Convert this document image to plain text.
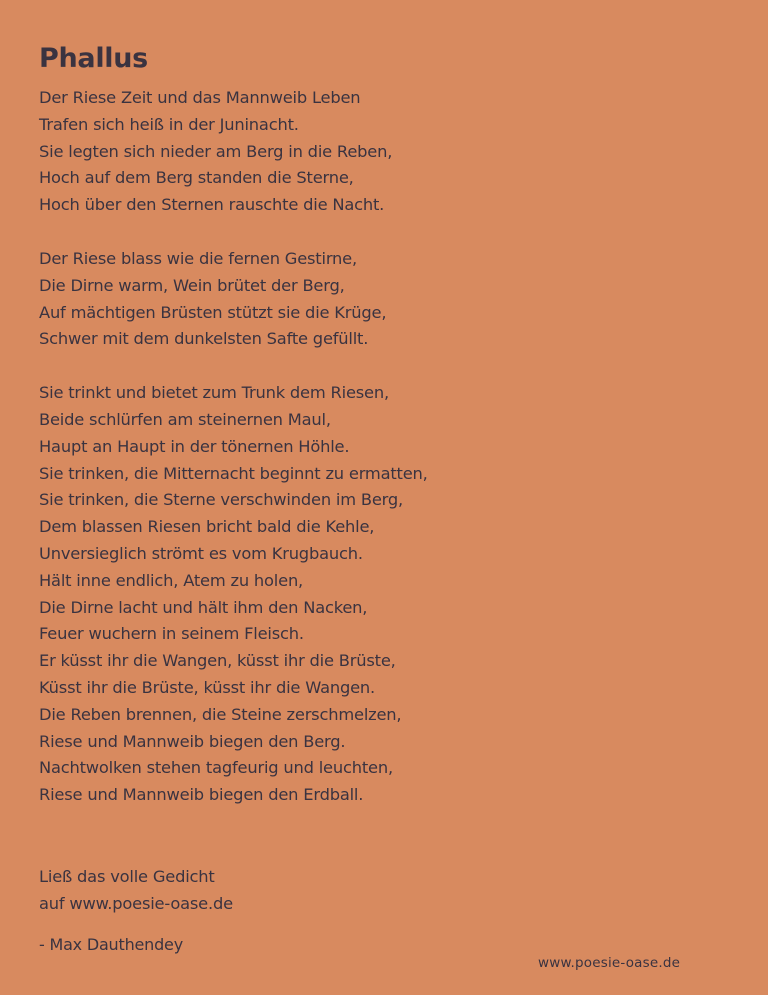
Phallus
Der Riese Zeit und das Mannweib Leben
Trafen sich heiß in der Juninacht.
Sie legten sich nieder am Berg in die Reben,
Hoch auf dem Berg standen die Sterne,
Hoch über den Sternen rauschte die Nacht.
Der Riese blass wie die fernen Gestirne,
Die Dirne warm, Wein brütet der Berg,
Auf mächtigen Brüsten stützt sie die Krüge,
Schwer mit dem dunkelsten Safte gefüllt.
Sie trinkt und bietet zum Trunk dem Riesen,
Beide schlürfen am steinernen Maul,
Haupt an Haupt in der tönernen Höhle.
Sie trinken, die Mitternacht beginnt zu ermatten,
Sie trinken, die Sterne verschwinden im Berg,
Dem blassen Riesen bricht bald die Kehle,
Unversieglich strömt es vom Krugbauch.
Hält inne endlich, Atem zu holen,
Die Dirne lacht und hält ihm den Nacken,
Feuer wuchern in seinem Fleisch.
Er küsst ihr die Wangen, küsst ihr die Brüste,
Küsst ihr die Brüste, küsst ihr die Wangen.
Die Reben brennen, die Steine zerschmelzen,
Riese und Mannweib biegen den Berg.
Nachtwolken stehen tagfeurig und leuchten,
Riese und Mannweib biegen den Erdball.
Ließ das volle Gedicht
auf www.poesie-oase.de
- Max Dauthendey
www.poesie-oase.de
